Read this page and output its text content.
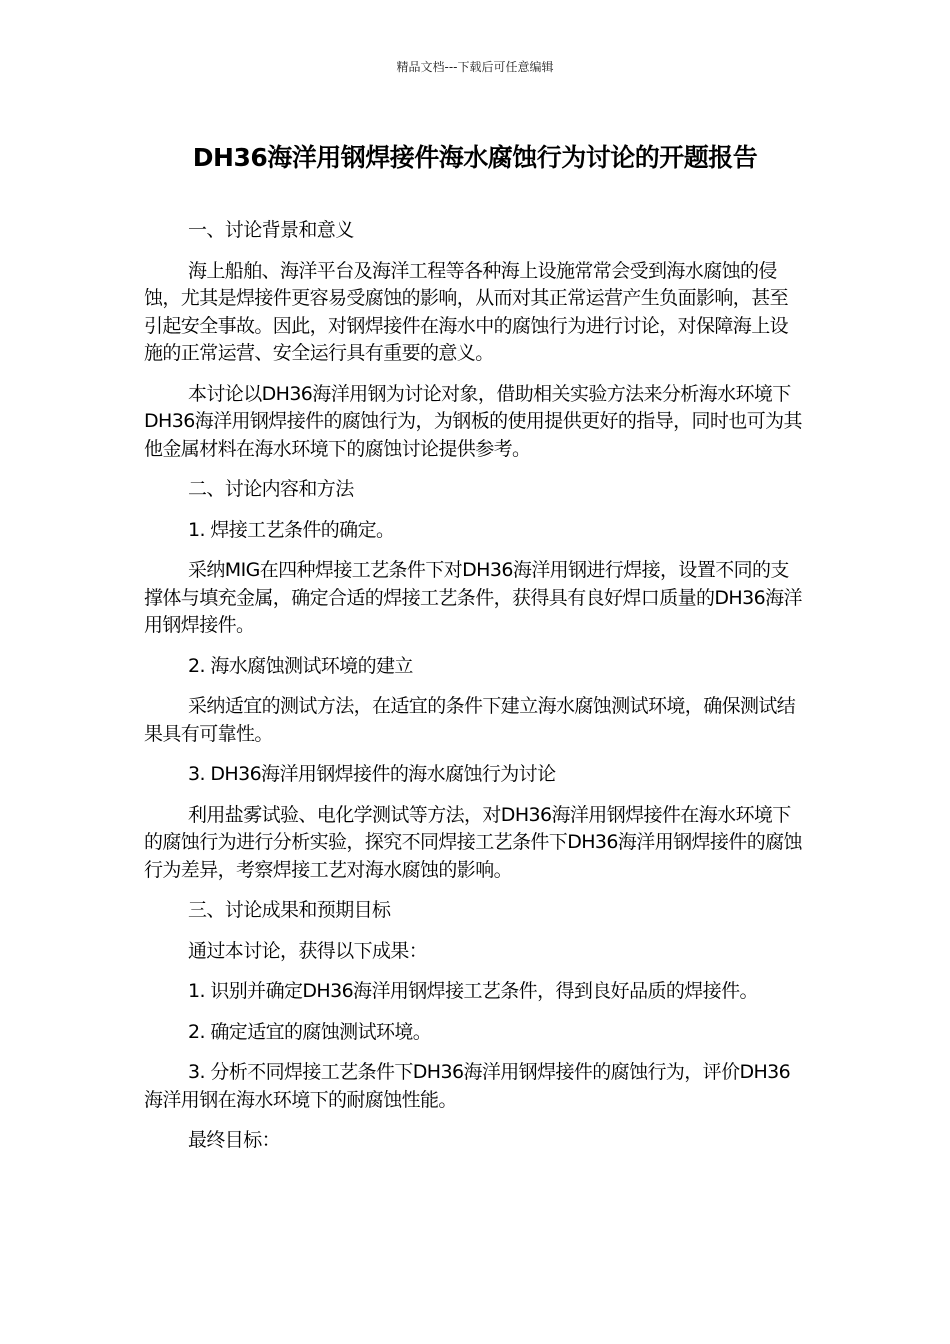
精品文档---下载后可任意编辑
DH36海洋用钢焊接件海水腐蚀行为讨论的开题报告

一、讨论背景和意义

海上船舶、海洋平台及海洋工程等各种海上设施常常会受到海水腐蚀的侵蚀，尤其是焊接件更容易受腐蚀的影响，从而对其正常运营产生负面影响，甚至引起安全事故。因此，对钢焊接件在海水中的腐蚀行为进行讨论，对保障海上设施的正常运营、安全运行具有重要的意义。

本讨论以DH36海洋用钢为讨论对象，借助相关实验方法来分析海水环境下DH36海洋用钢焊接件的腐蚀行为，为钢板的使用提供更好的指导，同时也可为其他金属材料在海水环境下的腐蚀讨论提供参考。

二、讨论内容和方法

1. 焊接工艺条件的确定。

采纳MIG在四种焊接工艺条件下对DH36海洋用钢进行焊接，设置不同的支撑体与填充金属，确定合适的焊接工艺条件，获得具有良好焊口质量的DH36海洋用钢焊接件。

2. 海水腐蚀测试环境的建立

采纳适宜的测试方法，在适宜的条件下建立海水腐蚀测试环境，确保测试结果具有可靠性。

3. DH36海洋用钢焊接件的海水腐蚀行为讨论

利用盐雾试验、电化学测试等方法，对DH36海洋用钢焊接件在海水环境下的腐蚀行为进行分析实验，探究不同焊接工艺条件下DH36海洋用钢焊接件的腐蚀行为差异，考察焊接工艺对海水腐蚀的影响。

三、讨论成果和预期目标

通过本讨论，获得以下成果：

1. 识别并确定DH36海洋用钢焊接工艺条件，得到良好品质的焊接件。

2. 确定适宜的腐蚀测试环境。

3. 分析不同焊接工艺条件下DH36海洋用钢焊接件的腐蚀行为，评价DH36海洋用钢在海水环境下的耐腐蚀性能。

最终目标：
